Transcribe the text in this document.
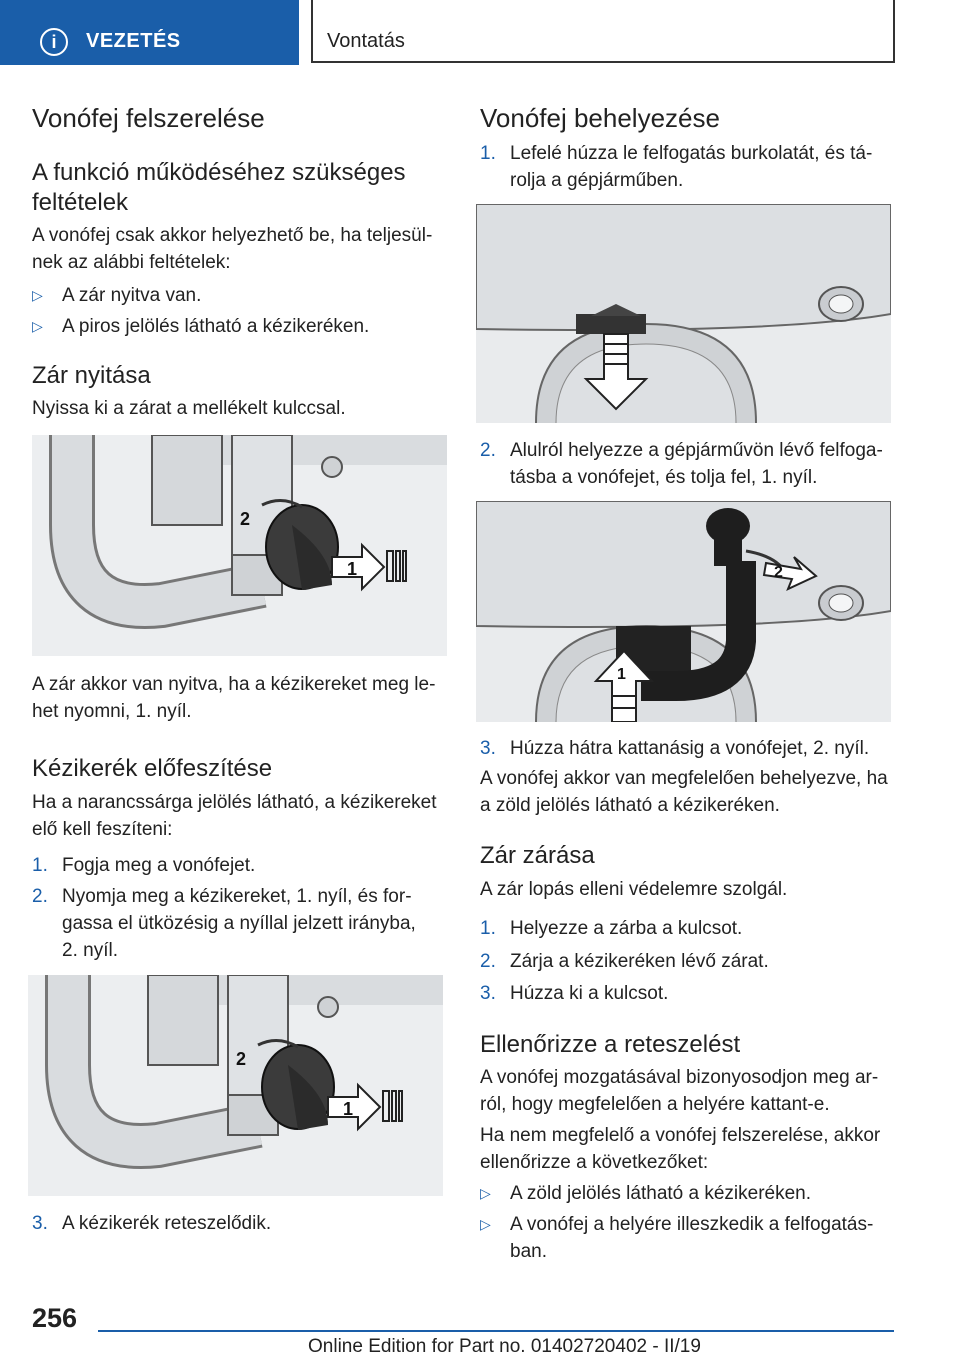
i	VEZETÉS	Vontatás
Vonófej felszerelése
A funkció működéséhez szükséges feltételek
A vonófej csak akkor helyezhető be, ha teljesül-
nek az alábbi feltételek:
▷ A zár nyitva van.
▷ A piros jelölés látható a kézikeréken.
Zár nyitása
Nyissa ki a zárat a mellékelt kulccsal.
1
2
A zár akkor van nyitva, ha a kézikereket meg le-
het nyomni, 1. nyíl.
Kézikerék előfeszítése
Ha a narancssárga jelölés látható, a kézikereket
elő kell feszíteni:
1. Fogja meg a vonófejet.
2. Nyomja meg a kézikereket, 1. nyíl, és for-
gassa el ütközésig a nyíllal jelzett irányba,
2. nyíl.
1
2
3. A kézikerék reteszelődik.
Vonófej behelyezése
1. Lefelé húzza le felfogatás burkolatát, és tá-
rolja a gépjárműben.
2. Alulról helyezze a gépjárművön lévő felfoga-
tásba a vonófejet, és tolja fel, 1. nyíl.
2
1
3. Húzza hátra kattanásig a vonófejet, 2. nyíl.
A vonófej akkor van megfelelően behelyezve, ha
a zöld jelölés látható a kézikeréken.
Zár zárása
A zár lopás elleni védelemre szolgál.
1. Helyezze a zárba a kulcsot.
2. Zárja a kézikeréken lévő zárat.
3. Húzza ki a kulcsot.
Ellenőrizze a reteszelést
A vonófej mozgatásával bizonyosodjon meg ar-
ról, hogy megfelelően a helyére kattant-e.
Ha nem megfelelő a vonófej felszerelése, akkor
ellenőrizze a következőket:
▷ A zöld jelölés látható a kézikeréken.
▷ A vonófej a helyére illeszkedik a felfogatás-
ban.
256
Online Edition for Part no. 01402720402 - II/19
